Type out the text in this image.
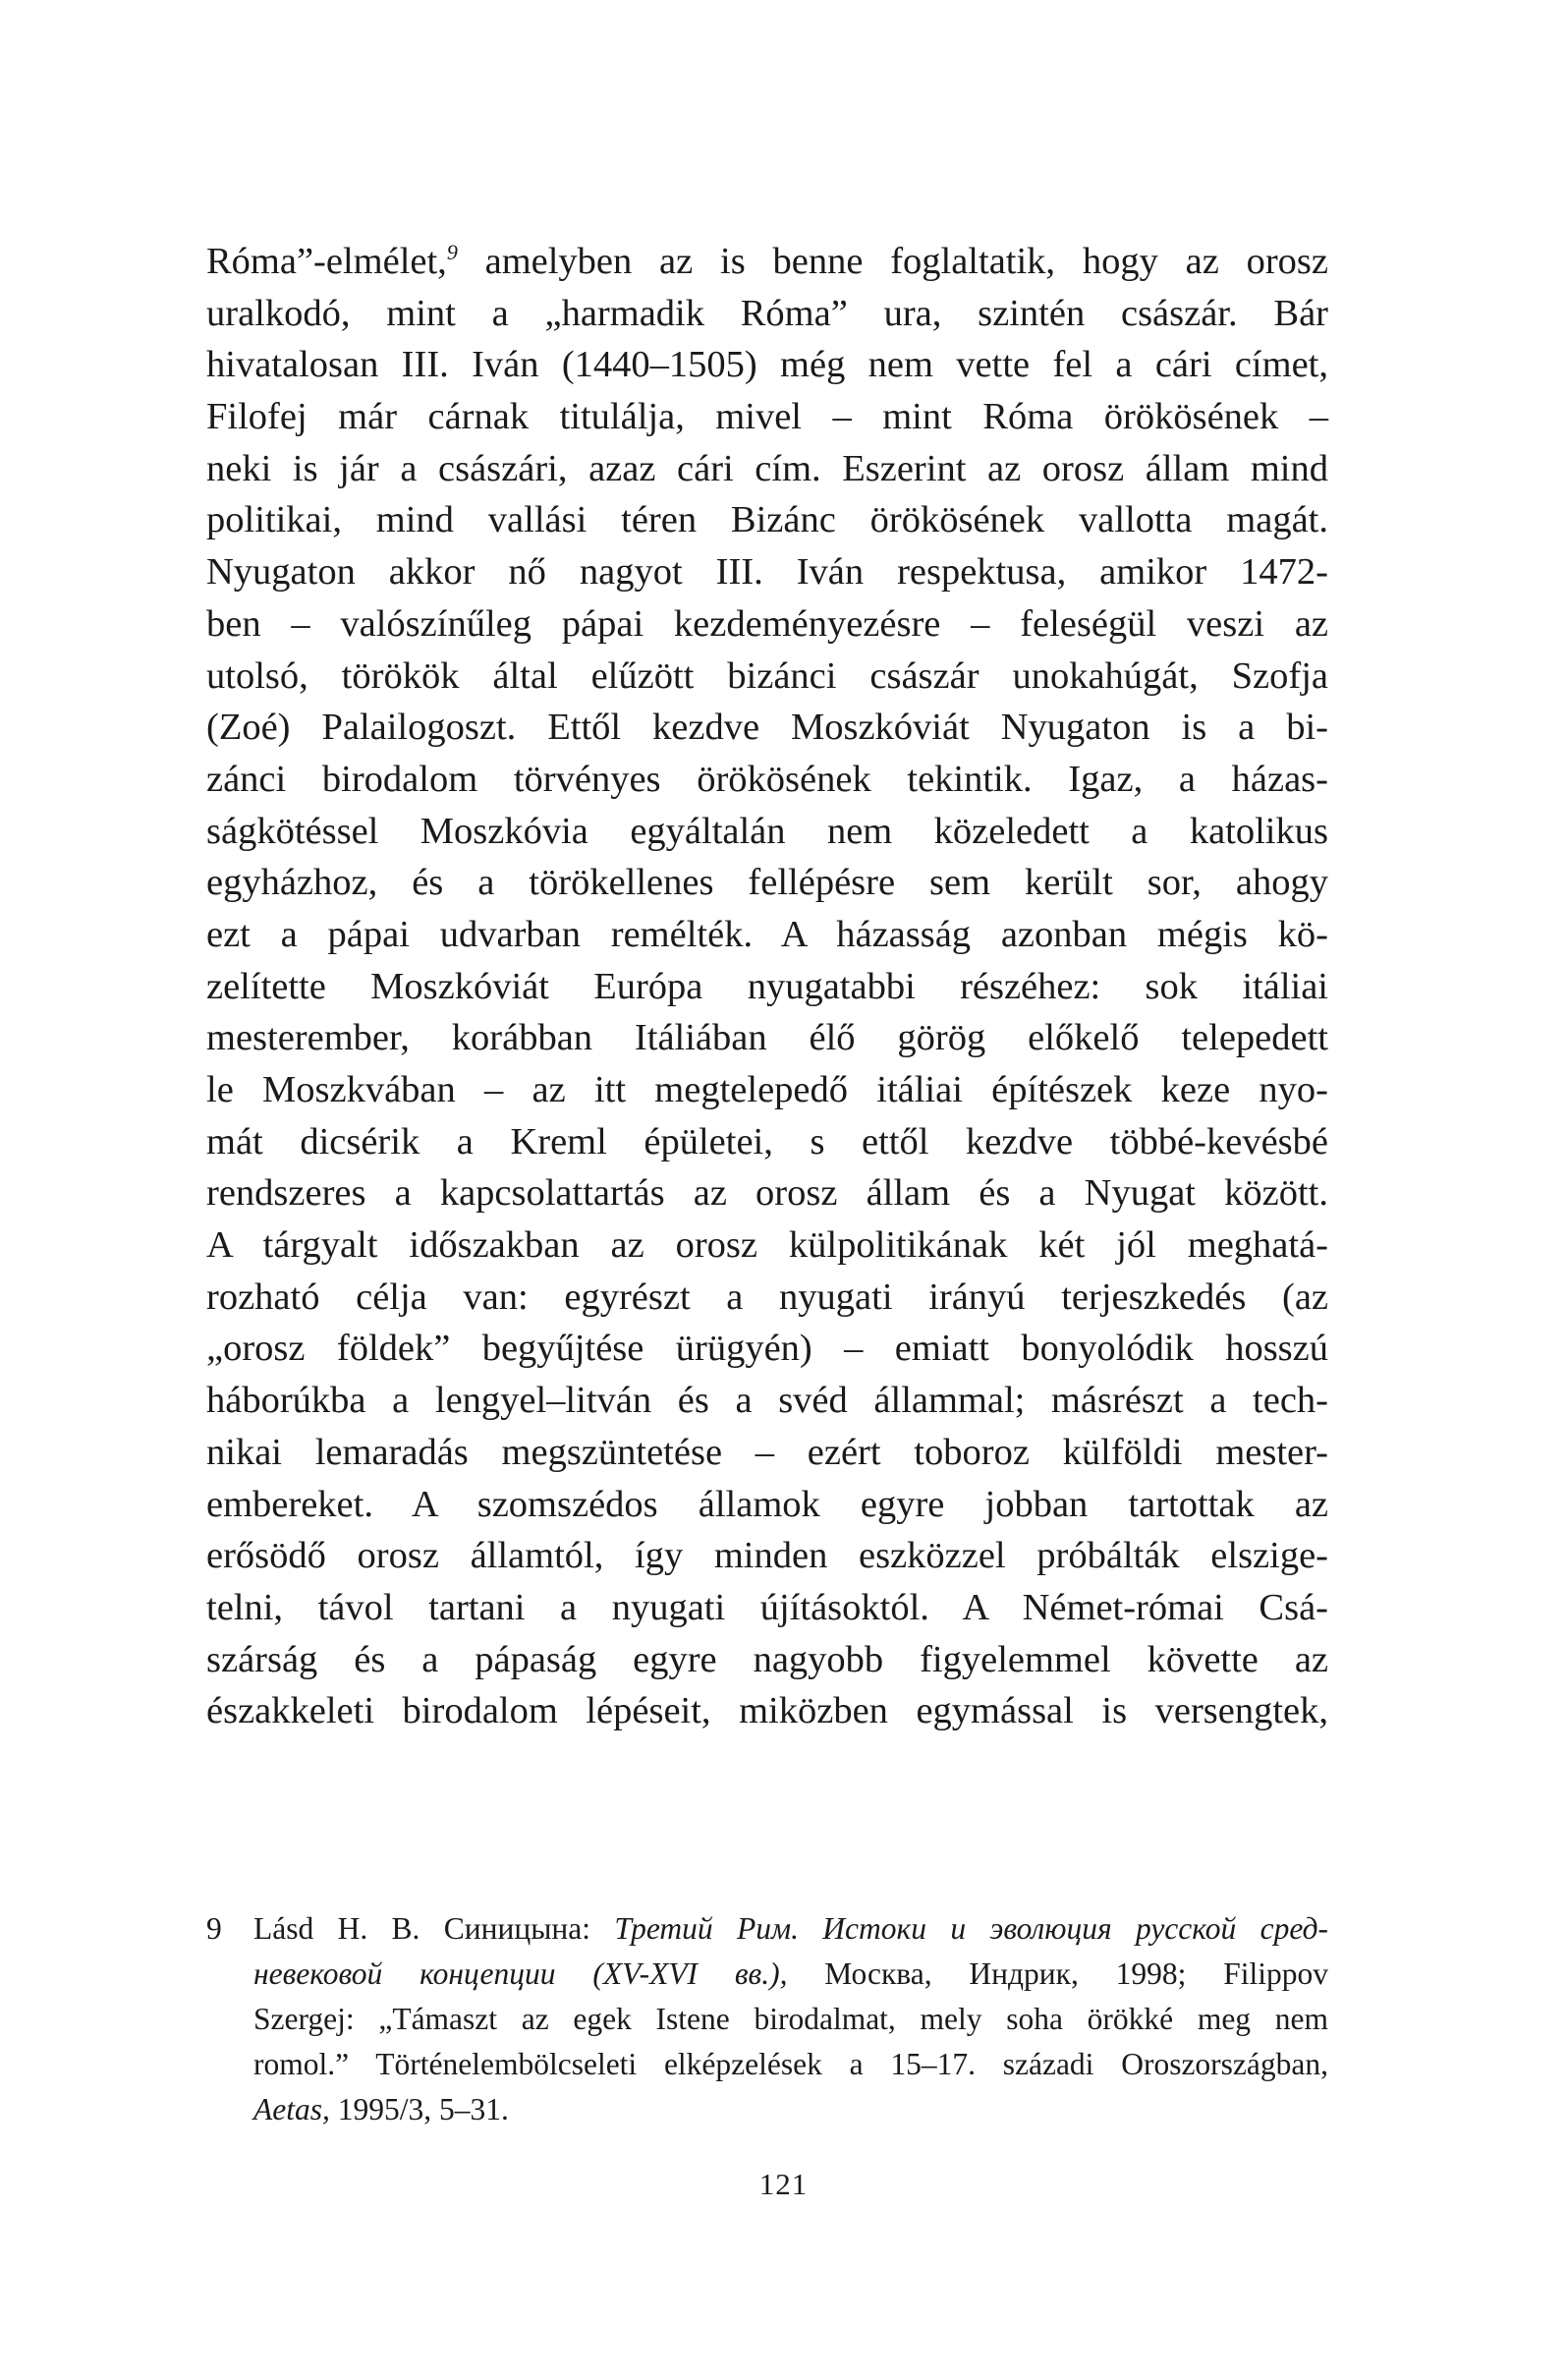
Róma”-elmélet,$^9$ amelyben az is benne foglaltatik, hogy az orosz
uralkodó, mint a „harmadik Róma” ura, szintén császár. Bár
hivatalosan III. Iván (1440–1505) még nem vette fel a cári címet,
Filofej már cárnak titulálja, mivel – mint Róma örökösének –
neki is jár a császári, azaz cári cím. Eszerint az orosz állam mind
politikai, mind vallási téren Bizánc örökösének vallotta magát.
Nyugaton akkor nő nagyot III. Iván respektusa, amikor 1472-
ben – valószínűleg pápai kezdeményezésre – feleségül veszi az
utolsó, törökök által elűzött bizánci császár unokahúgát, Szofja
(Zoé) Palailogoszt. Ettől kezdve Moszkóviát Nyugaton is a bi-
zánci birodalom törvényes örökösének tekintik. Igaz, a házas-
ságkötéssel Moszkóvia egyáltalán nem közeledett a katolikus
egyházhoz, és a törökellenes fellépésre sem került sor, ahogy
ezt a pápai udvarban remélték. A házasság azonban mégis kö-
zelítette Moszkóviát Európa nyugatabbi részéhez: sok itáliai
mesterember, korábban Itáliában élő görög előkelő telepedett
le Moszkvában – az itt megtelepedő itáliai építészek keze nyo-
mát dicsérik a Kreml épületei, s ettől kezdve többé-kevésbé
rendszeres a kapcsolattartás az orosz állam és a Nyugat között.
A tárgyalt időszakban az orosz külpolitikának két jól meghatá-
rozható célja van: egyrészt a nyugati irányú terjeszkedés (az
„orosz földek” begyűjtése ürügyén) – emiatt bonyolódik hosszú
háborúkba a lengyel–litván és a svéd állammal; másrészt a tech-
nikai lemaradás megszüntetése – ezért toboroz külföldi mester-
embereket. A szomszédos államok egyre jobban tartottak az
erősödő orosz államtól, így minden eszközzel próbálták elszige-
telni, távol tartani a nyugati újításoktól. A Német-római Csá-
szárság és a pápaság egyre nagyobb figyelemmel követte az
északkeleti birodalom lépéseit, miközben egymással is versengtek,
9	Lásd Н. В. Синицына: Третий Рим. Истоки и эволюция русской сред-
невековой концепции (XV-XVI вв.), Москва, Индрик, 1998; Filippov
Szergej: „Támaszt az egek Istene birodalmat, mely soha örökké meg nem
romol.” Történelembölcseleti elképzelések a 15–17. századi Oroszországban,
Aetas, 1995/3, 5–31.
121
